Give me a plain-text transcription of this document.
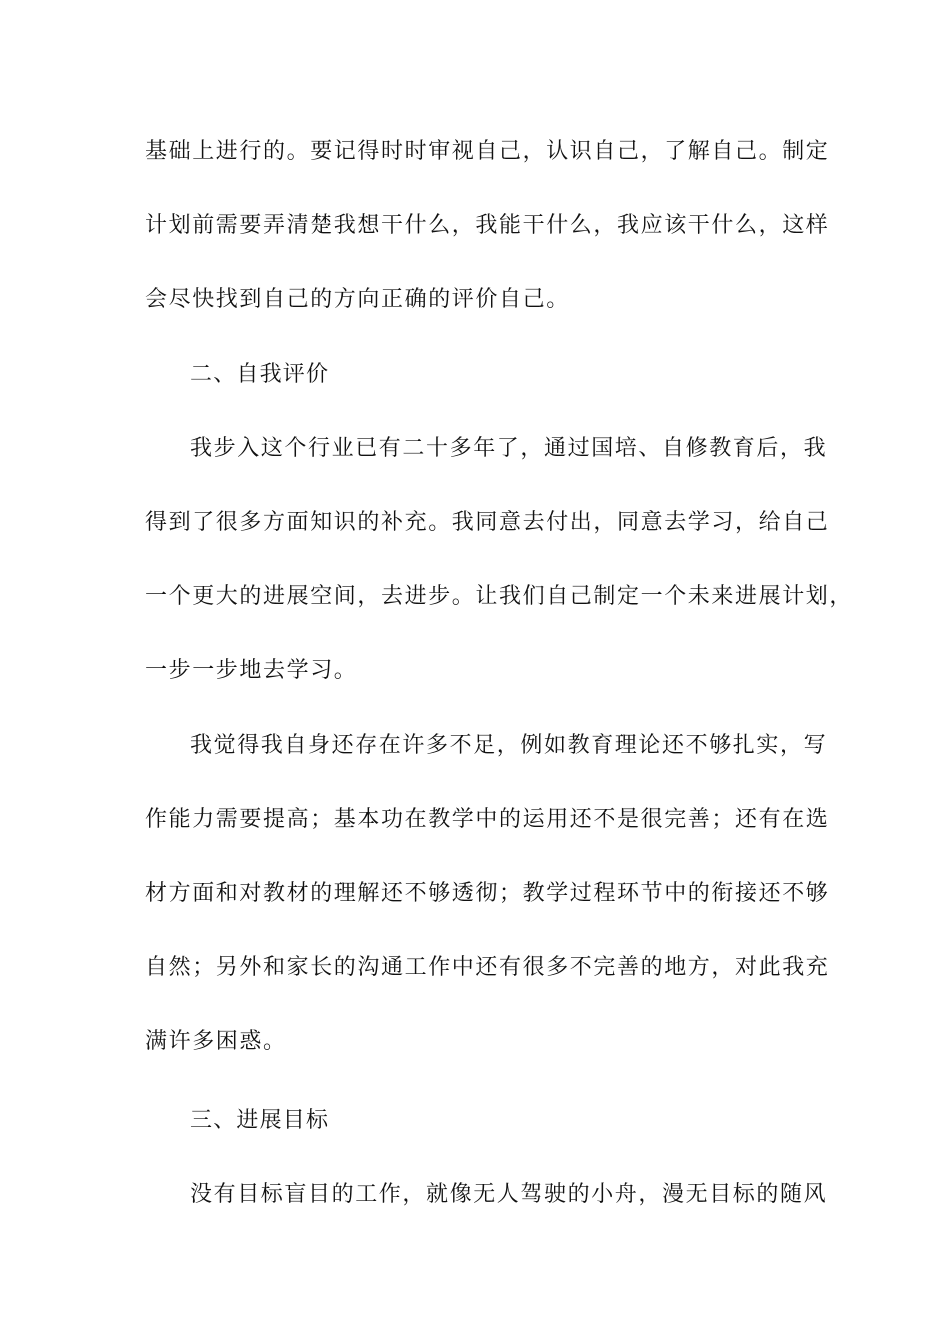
基础上进行的。要记得时时审视自己，认识自己，了解自己。制定

计划前需要弄清楚我想干什么，我能干什么，我应该干什么，这样

会尽快找到自己的方向正确的评价自己。

二、自我评价

我步入这个行业已有二十多年了，通过国培、自修教育后，我

得到了很多方面知识的补充。我同意去付出，同意去学习，给自己

一个更大的进展空间，去进步。让我们自己制定一个未来进展计划，

一步一步地去学习。

我觉得我自身还存在许多不足，例如教育理论还不够扎实，写

作能力需要提高；基本功在教学中的运用还不是很完善；还有在选

材方面和对教材的理解还不够透彻；教学过程环节中的衔接还不够

自然；另外和家长的沟通工作中还有很多不完善的地方，对此我充

满许多困惑。

三、进展目标

没有目标盲目的工作，就像无人驾驶的小舟，漫无目标的随风
